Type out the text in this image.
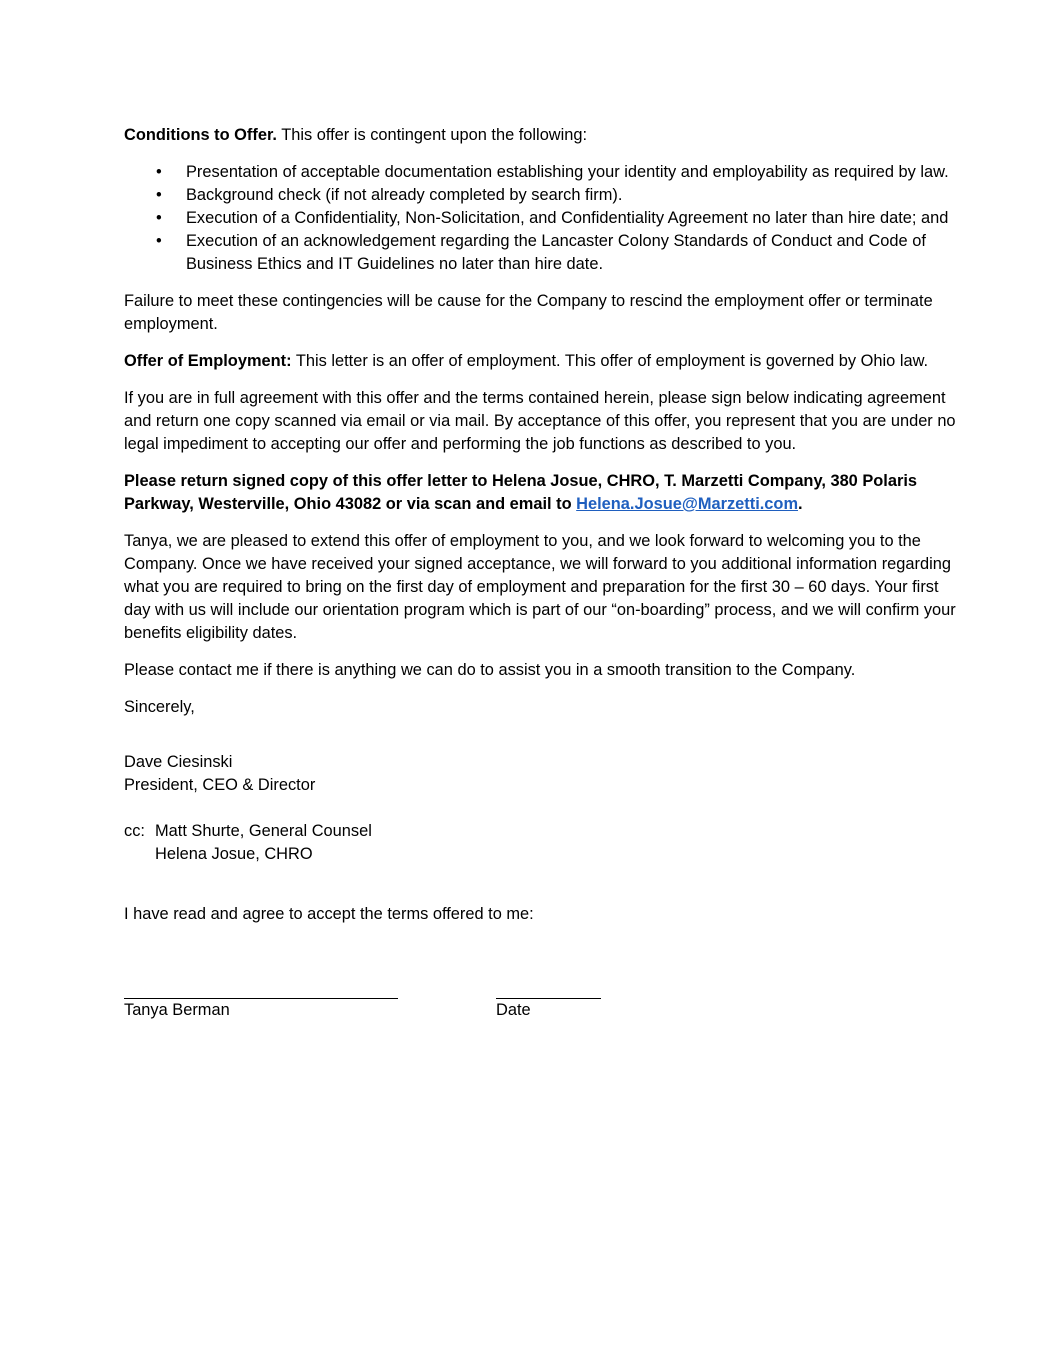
Conditions to Offer. This offer is contingent upon the following:

• Presentation of acceptable documentation establishing your identity and employability as required by law.
• Background check (if not already completed by search firm).
• Execution of a Confidentiality, Non-Solicitation, and Confidentiality Agreement no later than hire date; and
• Execution of an acknowledgement regarding the Lancaster Colony Standards of Conduct and Code of Business Ethics and IT Guidelines no later than hire date.

Failure to meet these contingencies will be cause for the Company to rescind the employment offer or terminate employment.

Offer of Employment: This letter is an offer of employment. This offer of employment is governed by Ohio law.

If you are in full agreement with this offer and the terms contained herein, please sign below indicating agreement and return one copy scanned via email or via mail. By acceptance of this offer, you represent that you are under no legal impediment to accepting our offer and performing the job functions as described to you.

Please return signed copy of this offer letter to Helena Josue, CHRO, T. Marzetti Company, 380 Polaris Parkway, Westerville, Ohio 43082 or via scan and email to Helena.Josue@Marzetti.com.

Tanya, we are pleased to extend this offer of employment to you, and we look forward to welcoming you to the Company. Once we have received your signed acceptance, we will forward to you additional information regarding what you are required to bring on the first day of employment and preparation for the first 30 – 60 days. Your first day with us will include our orientation program which is part of our “on-boarding” process, and we will confirm your benefits eligibility dates.

Please contact me if there is anything we can do to assist you in a smooth transition to the Company.

Sincerely,

Dave Ciesinski

President, CEO & Director

cc: Matt Shurte, General Counsel
Helena Josue, CHRO

I have read and agree to accept the terms offered to me:

Tanya Berman	Date
